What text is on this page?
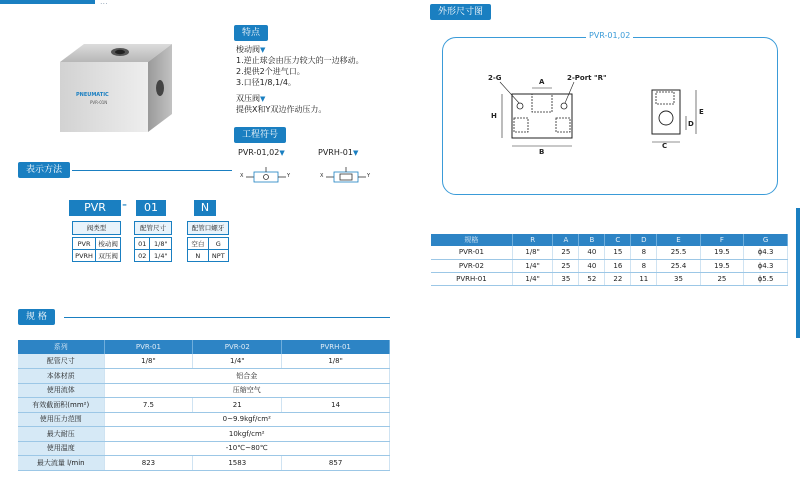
...
PNEUMATIC
PVR-01N
特点
梭动阀▼
1.逆止球会由压力较大的一边移动。
2.提供2个进气口。
3.口径1/8,1/4。
双压阀▼
提供X和Y双边作动压力。
工程符号
PVR-01,02▼	PVRH-01▼
X	Y	X	Y
表示方法
PVR	-	01	N
阀类型
PVR	梭动阀
PVRH	双压阀
配管尺寸
01	1/8"
02	1/4"
配管口螺牙
空白	G
N	NPT
外形尺寸图
PVR-01,02
2-G	A	2-Port "R"
H
B
C
D
E
规格	R	A	B	C	D	E	F	G
PVR-01	1/8"	25	40	15	8	25.5	19.5	ϕ4.3
PVR-02	1/4"	25	40	16	8	25.4	19.5	ϕ4.3
PVRH-01	1/4"	35	52	22	11	35	25	ϕ5.5
规 格
系列	PVR-01	PVR-02	PVRH-01
配管尺寸	1/8"	1/4"	1/8"
本体材质	铝合金		
使用流体	压缩空气		
有效截面积(mm²)	7.5	21	14
使用压力范围	0~9.9kgf/cm²		
最大耐压	10kgf/cm²		
使用温度	-10℃~80℃		
最大流量 l/min	823	1583	857
